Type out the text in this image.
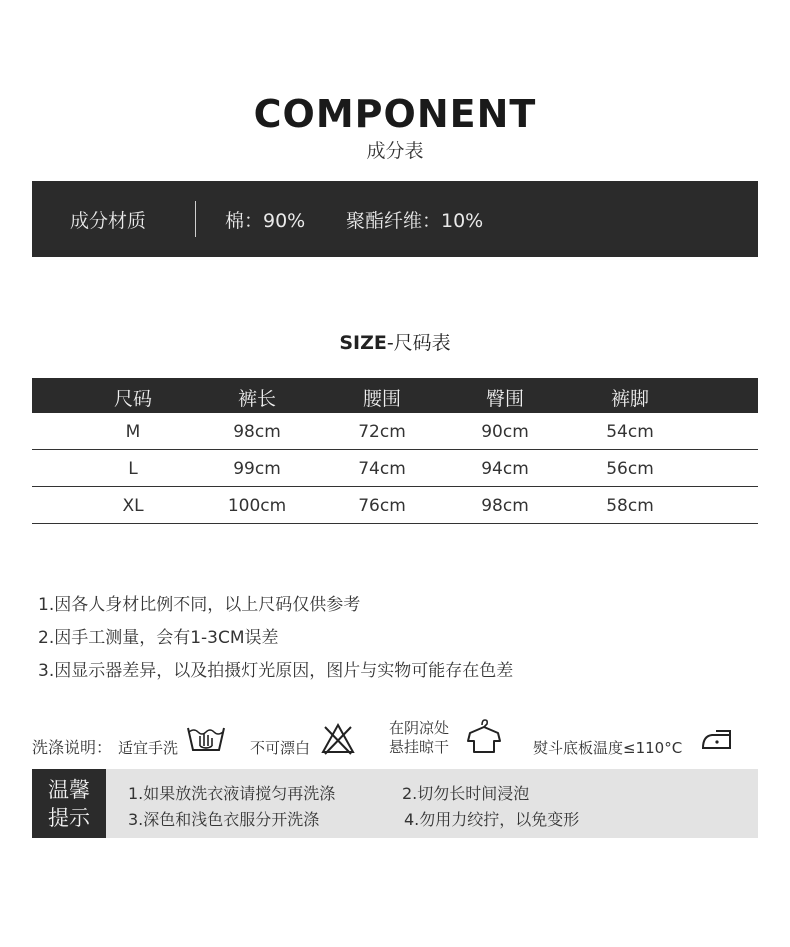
COMPONENT
成分表
成分材质	棉：90% 聚酯纤维：10%
SIZE-尺码表
尺码	裤长	腰围	臀围	裤脚
M	98cm	72cm	90cm	54cm
L	99cm	74cm	94cm	56cm
XL	100cm	76cm	98cm	58cm
1.因各人身材比例不同，以上尺码仅供参考
2.因手工测量，会有1-3CM误差
3.因显示器差异，以及拍摄灯光原因，图片与实物可能存在色差
洗涤说明： 适宜手洗	不可漂白
在阴凉处
悬挂晾干	熨斗底板温度≤110°C
温馨
提示
1.如果放洗衣液请搅匀再洗涤	2.切勿长时间浸泡
3.深色和浅色衣服分开洗涤	4.勿用力绞拧，以免变形
